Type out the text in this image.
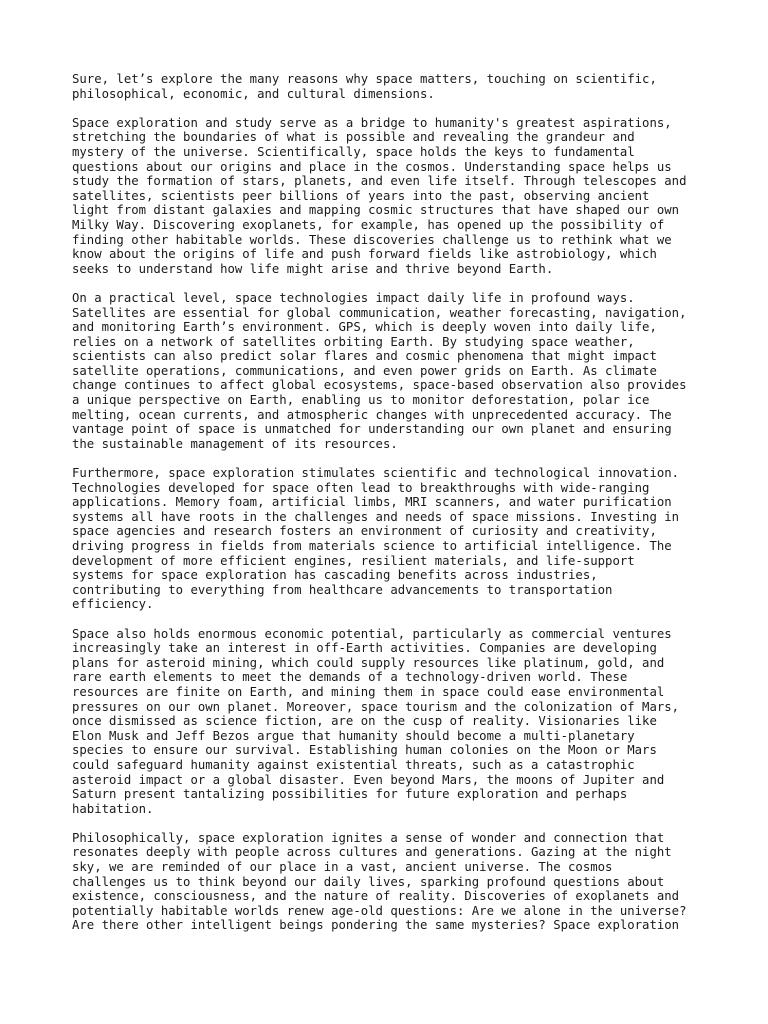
Sure, let’s explore the many reasons why space matters, touching on scientific,
philosophical, economic, and cultural dimensions.

Space exploration and study serve as a bridge to humanity's greatest aspirations,
stretching the boundaries of what is possible and revealing the grandeur and
mystery of the universe. Scientifically, space holds the keys to fundamental
questions about our origins and place in the cosmos. Understanding space helps us
study the formation of stars, planets, and even life itself. Through telescopes and
satellites, scientists peer billions of years into the past, observing ancient
light from distant galaxies and mapping cosmic structures that have shaped our own
Milky Way. Discovering exoplanets, for example, has opened up the possibility of
finding other habitable worlds. These discoveries challenge us to rethink what we
know about the origins of life and push forward fields like astrobiology, which
seeks to understand how life might arise and thrive beyond Earth.

On a practical level, space technologies impact daily life in profound ways.
Satellites are essential for global communication, weather forecasting, navigation,
and monitoring Earth’s environment. GPS, which is deeply woven into daily life,
relies on a network of satellites orbiting Earth. By studying space weather,
scientists can also predict solar flares and cosmic phenomena that might impact
satellite operations, communications, and even power grids on Earth. As climate
change continues to affect global ecosystems, space-based observation also provides
a unique perspective on Earth, enabling us to monitor deforestation, polar ice
melting, ocean currents, and atmospheric changes with unprecedented accuracy. The
vantage point of space is unmatched for understanding our own planet and ensuring
the sustainable management of its resources.

Furthermore, space exploration stimulates scientific and technological innovation.
Technologies developed for space often lead to breakthroughs with wide-ranging
applications. Memory foam, artificial limbs, MRI scanners, and water purification
systems all have roots in the challenges and needs of space missions. Investing in
space agencies and research fosters an environment of curiosity and creativity,
driving progress in fields from materials science to artificial intelligence. The
development of more efficient engines, resilient materials, and life-support
systems for space exploration has cascading benefits across industries,
contributing to everything from healthcare advancements to transportation
efficiency.

Space also holds enormous economic potential, particularly as commercial ventures
increasingly take an interest in off-Earth activities. Companies are developing
plans for asteroid mining, which could supply resources like platinum, gold, and
rare earth elements to meet the demands of a technology-driven world. These
resources are finite on Earth, and mining them in space could ease environmental
pressures on our own planet. Moreover, space tourism and the colonization of Mars,
once dismissed as science fiction, are on the cusp of reality. Visionaries like
Elon Musk and Jeff Bezos argue that humanity should become a multi-planetary
species to ensure our survival. Establishing human colonies on the Moon or Mars
could safeguard humanity against existential threats, such as a catastrophic
asteroid impact or a global disaster. Even beyond Mars, the moons of Jupiter and
Saturn present tantalizing possibilities for future exploration and perhaps
habitation.

Philosophically, space exploration ignites a sense of wonder and connection that
resonates deeply with people across cultures and generations. Gazing at the night
sky, we are reminded of our place in a vast, ancient universe. The cosmos
challenges us to think beyond our daily lives, sparking profound questions about
existence, consciousness, and the nature of reality. Discoveries of exoplanets and
potentially habitable worlds renew age-old questions: Are we alone in the universe?
Are there other intelligent beings pondering the same mysteries? Space exploration
